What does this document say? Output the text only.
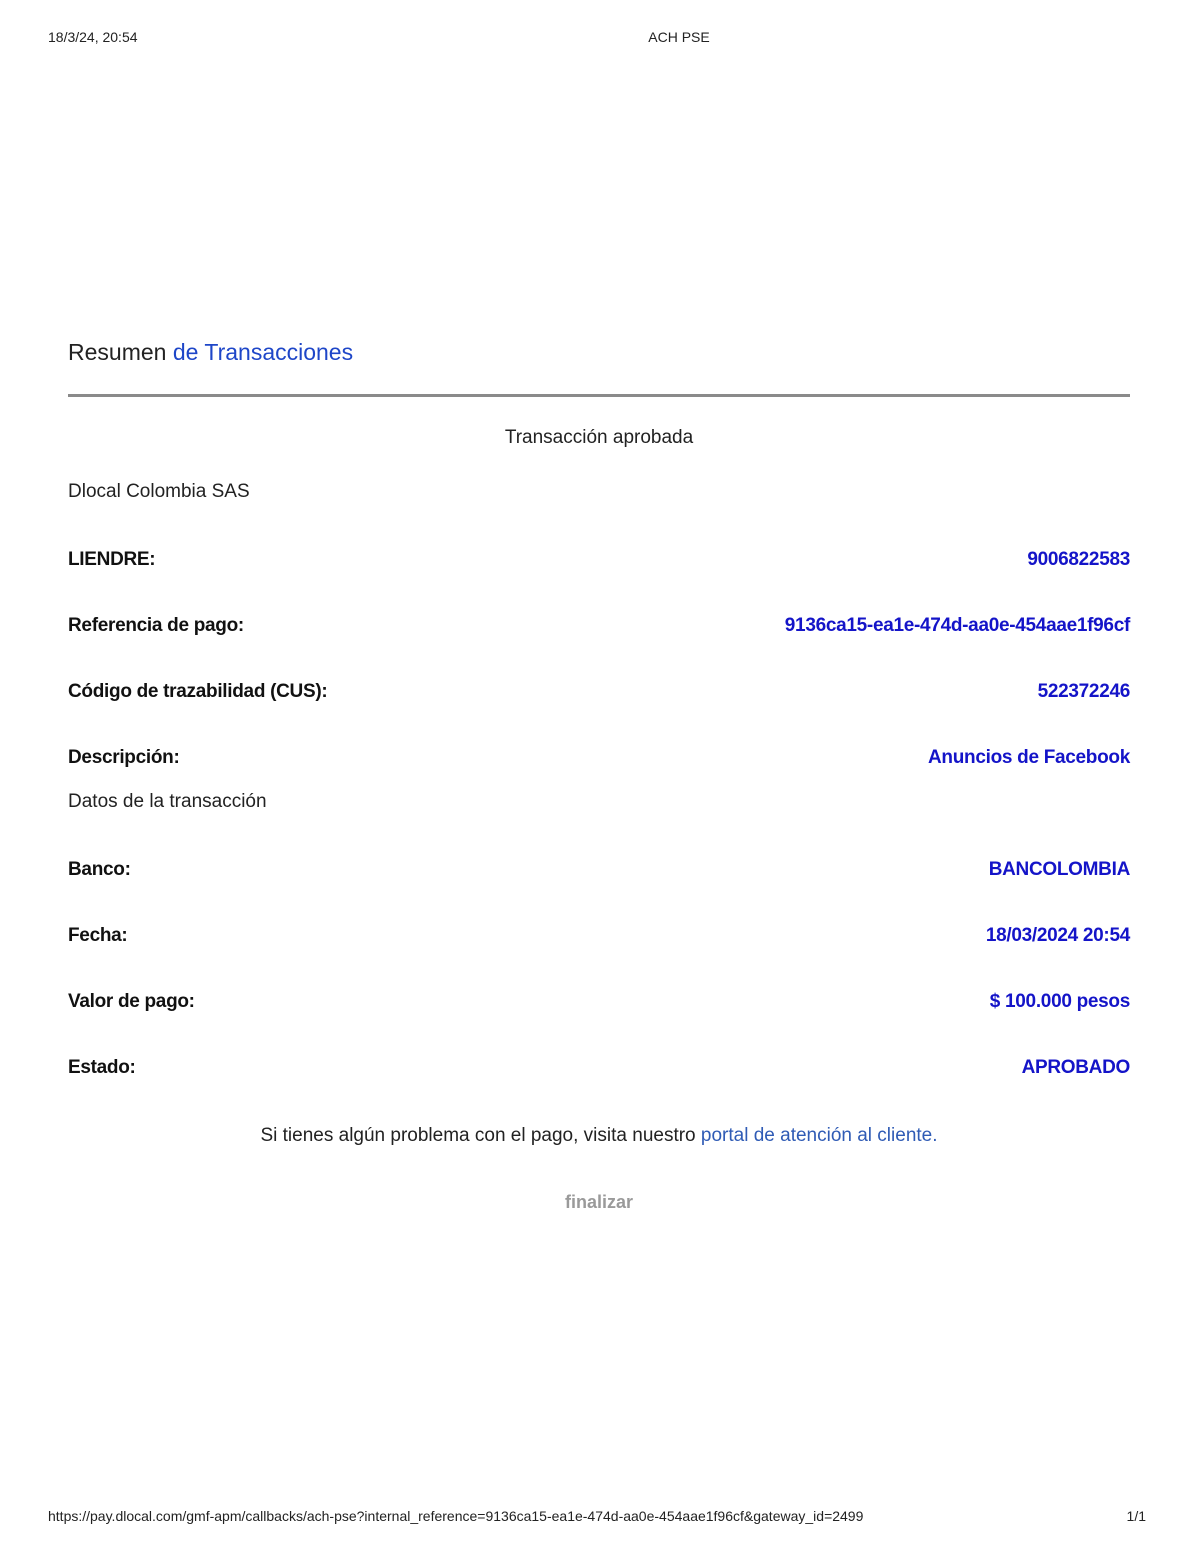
18/3/24, 20:54	ACH PSE
Resumen de Transacciones
Transacción aprobada
Dlocal Colombia SAS
LIENDRE:	9006822583
Referencia de pago:	9136ca15-ea1e-474d-aa0e-454aae1f96cf
Código de trazabilidad (CUS):	522372246
Descripción:	Anuncios de Facebook
Datos de la transacción
Banco:	BANCOLOMBIA
Fecha:	18/03/2024 20:54
Valor de pago:	$ 100.000 pesos
Estado:	APROBADO
Si tienes algún problema con el pago, visita nuestro portal de atención al cliente.
finalizar
https://pay.dlocal.com/gmf-apm/callbacks/ach-pse?internal_reference=9136ca15-ea1e-474d-aa0e-454aae1f96cf&gateway_id=2499	1/1
